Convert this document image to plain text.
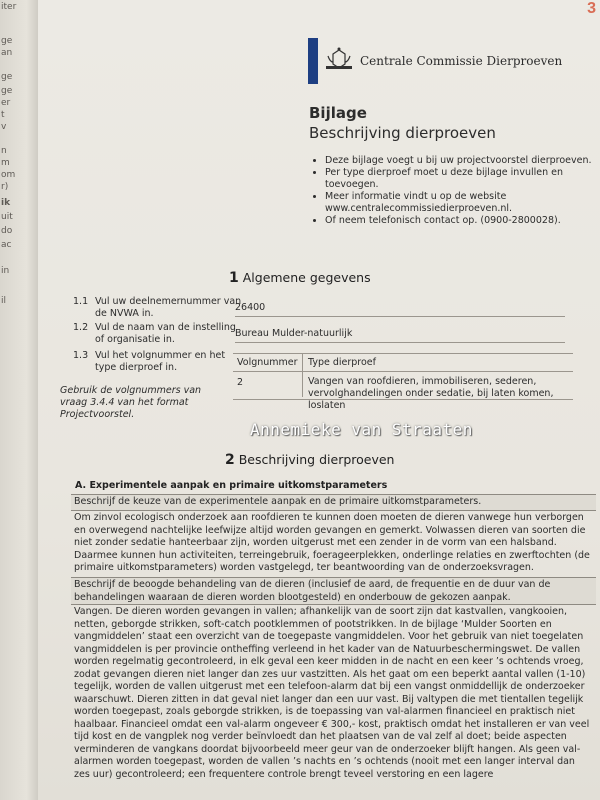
iter
ge
an
ge
ge
er
t
v
n
m
om
r)
ik
uit
do
ac
in
il
3
Centrale Commissie Dierproeven
Bijlage
Beschrijving dierproeven
• Deze bijlage voegt u bij uw projectvoorstel dierproeven.
• Per type dierproef moet u deze bijlage invullen en toevoegen.
• Meer informatie vindt u op de website www.centralecommissiedierproeven.nl.
• Of neem telefonisch contact op. (0900-2800028).
1 Algemene gegevens
1.1 Vul uw deelnemernummer van de NVWA in.
26400
1.2 Vul de naam van de instelling of organisatie in.
Bureau Mulder-natuurlijk
1.3 Vul het volgnummer en het type dierproef in.
Gebruik de volgnummers van vraag 3.4.4 van het format Projectvoorstel.
Volgnummer Type dierproef
2	Vangen van roofdieren, immobiliseren, sederen, vervolghandelingen onder sedatie, bij laten komen, loslaten
Annemieke van Straaten
2 Beschrijving dierproeven
A. Experimentele aanpak en primaire uitkomstparameters
Beschrijf de keuze van de experimentele aanpak en de primaire uitkomstparameters.
Om zinvol ecologisch onderzoek aan roofdieren te kunnen doen moeten de dieren vanwege hun verborgen en overwegend nachtelijke leefwijze altijd worden gevangen en gemerkt. Volwassen dieren van soorten die niet zonder sedatie hanteerbaar zijn, worden uitgerust met een zender in de vorm van een halsband. Daarmee kunnen hun activiteiten, terreingebruik, foerageerplekken, onderlinge relaties en zwerftochten (de primaire uitkomstparameters) worden vastgelegd, ter beantwoording van de onderzoeksvragen.
Beschrijf de beoogde behandeling van de dieren (inclusief de aard, de frequentie en de duur van de behandelingen waaraan de dieren worden blootgesteld) en onderbouw de gekozen aanpak.
Vangen. De dieren worden gevangen in vallen; afhankelijk van de soort zijn dat kastvallen, vangkooien, netten, geborgde strikken, soft-catch pootklemmen of pootstrikken. In de bijlage ‘Mulder Soorten en vangmiddelen’ staat een overzicht van de toegepaste vangmiddelen. Voor het gebruik van niet toegelaten vangmiddelen is per provincie ontheffing verleend in het kader van de Natuurbeschermingswet. De vallen worden regelmatig gecontroleerd, in elk geval een keer midden in de nacht en een keer ’s ochtends vroeg, zodat gevangen dieren niet langer dan zes uur vastzitten. Als het gaat om een beperkt aantal vallen (1-10) tegelijk, worden de vallen uitgerust met een telefoon-alarm dat bij een vangst onmiddellijk de onderzoeker waarschuwt. Dieren zitten in dat geval niet langer dan een uur vast. Bij valtypen die met tientallen tegelijk worden toegepast, zoals geborgde strikken, is de toepassing van val-alarmen financieel en praktisch niet haalbaar. Financieel omdat een val-alarm ongeveer € 300,- kost, praktisch omdat het installeren er van veel tijd kost en de vangplek nog verder beïnvloedt dan het plaatsen van de val zelf al doet; beide aspecten verminderen de vangkans doordat bijvoorbeeld meer geur van de onderzoeker blijft hangen. Als geen val-alarmen worden toegepast, worden de vallen ’s nachts en ’s ochtends (nooit met een langer interval dan zes uur) gecontroleerd; een frequentere controle brengt teveel verstoring en een lagere
